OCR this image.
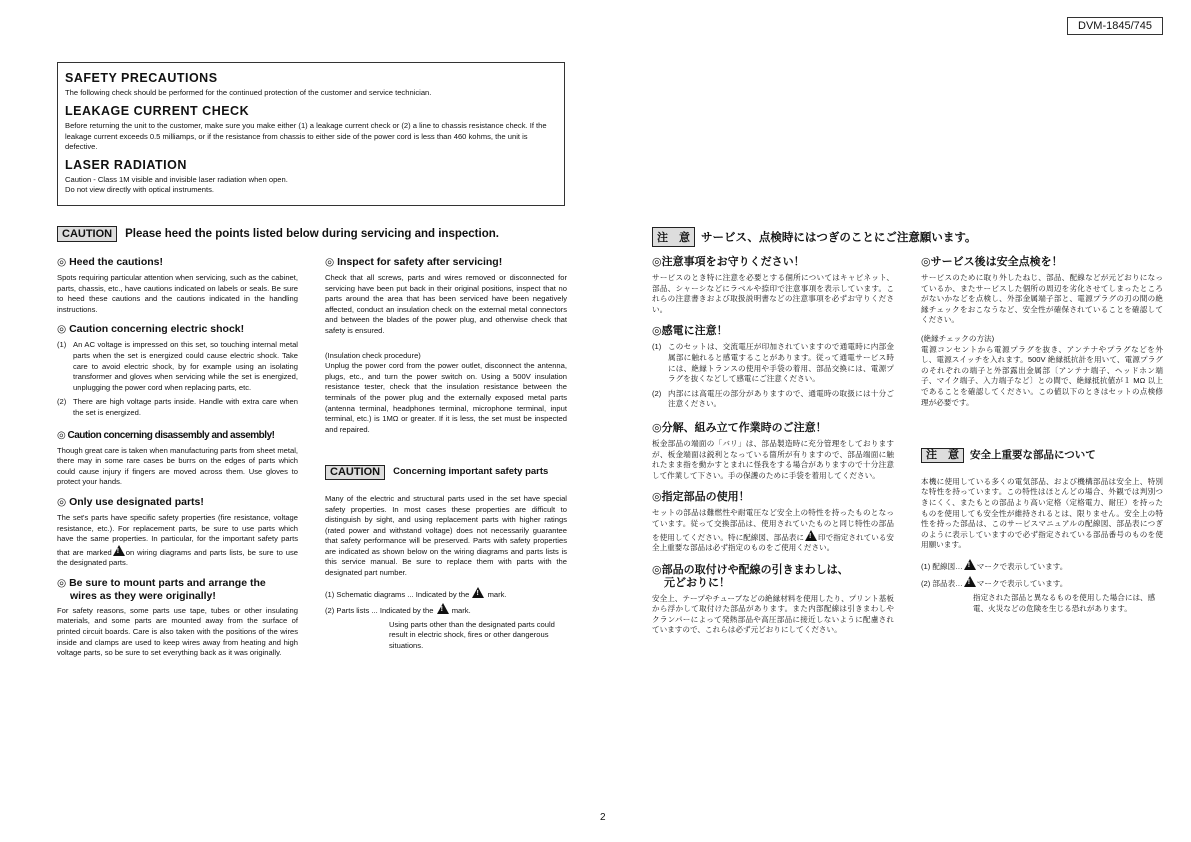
DVM-1845/745
SAFETY PRECAUTIONS
The following check should be performed for the continued protection of the customer and service technician.
LEAKAGE CURRENT CHECK
Before returning the unit to the customer, make sure you make either (1) a leakage current check or (2) a line to chassis resistance check. If the leakage current exceeds 0.5 milliamps, or if the resistance from chassis to either side of the power cord is less than 460 kohms, the unit is defective.
LASER RADIATION
Caution - Class 1M visible and invisible laser radiation when open.
Do not view directly with optical instruments.
CAUTION	Please heed the points listed below during servicing and inspection.
◎ Heed the cautions!
Spots requiring particular attention when servicing, such as the cabinet, parts, chassis, etc., have cautions indicated on labels or seals. Be sure to heed these cautions and the cautions indicated in the handling instructions.
◎ Caution concerning electric shock!
(1) An AC voltage is impressed on this set, so touching internal metal parts when the set is energized could cause electric shock. Take care to avoid electric shock, by for example using an isolating transformer and gloves when servicing while the set is energized, unplugging the power cord when replacing parts, etc.
(2) There are high voltage parts inside. Handle with extra care when the set is energized.
◎ Caution concerning disassembly and assembly!
Though great care is taken when manufacturing parts from sheet metal, there may in some rare cases be burrs on the edges of parts which could cause injury if fingers are moved across them. Use gloves to protect your hands.
◎ Only use designated parts!
The set's parts have specific safety properties (fire resistance, voltage resistance, etc.). For replacement parts, be sure to use parts which have the same properties. In particular, for the important safety parts that are marked ! on wiring diagrams and parts lists, be sure to use the designated parts.
◎ Be sure to mount parts and arrange the
wires as they were originally!
For safety reasons, some parts use tape, tubes or other insulating materials, and some parts are mounted away from the surface of printed circuit boards. Care is also taken with the positions of the wires inside and clamps are used to keep wires away from heating and high voltage parts, so be sure to set everything back as it was originally.
◎ Inspect for safety after servicing!
Check that all screws, parts and wires removed or disconnected for servicing have been put back in their original positions, inspect that no parts around the area that has been serviced have been negatively affected, conduct an insulation check on the external metal connectors and between the blades of the power plug, and otherwise check that safety is ensured.
(Insulation check procedure)
Unplug the power cord from the power outlet, disconnect the antenna, plugs, etc., and turn the power switch on. Using a 500V insulation resistance tester, check that the insulation resistance between the terminals of the power plug and the externally exposed metal parts (antenna terminal, headphones terminal, microphone terminal, input terminal, etc.) is 1MΩ or greater. If it is less, the set must be inspected and repaired.
CAUTION	Concerning important safety parts
Many of the electric and structural parts used in the set have special safety properties. In most cases these properties are difficult to distinguish by sight, and using replacement parts with higher ratings (rated power and withstand voltage) does not necessarily guarantee that safety performance will be preserved. Parts with safety properties are indicated as shown below on the wiring diagrams and parts lists is this service manual. Be sure to replace them with parts with the designated part number.
(1) Schematic diagrams ... Indicated by the ! mark.
(2) Parts lists ... Indicated by the ! mark.
Using parts other than the designated parts could result in electric shock, fires or other dangerous situations.
注　意 サービス、点検時にはつぎのことにご注意願います。
◎注意事項をお守りください！
サービスのとき特に注意を必要とする個所についてはキャビネット、部品、シャーシなどにラベルや捺印で注意事項を表示しています。これらの注意書きおよび取扱説明書などの注意事項を必ずお守りください。
◎感電に注意！
(1) このセットは、交流電圧が印加されていますので通電時に内部金属部に触れると感電することがあります。従って通電サービス時には、絶縁トランスの使用や手袋の着用、部品交換には、電源プラグを抜くなどして感電にご注意ください。
(2) 内部には高電圧の部分がありますので、通電時の取扱には十分ご注意ください。
◎分解、組み立て作業時のご注意！
板金部品の端面の「バリ」は、部品製造時に充分管理をしておりますが、板金端面は鋭利となっている箇所が有りますので、部品端面に触れたまま指を動かすとまれに怪我をする場合がありますので十分注意して作業して下さい。手の保護のために手袋を着用してください。
◎指定部品の使用！
セットの部品は難燃性や耐電圧など安全上の特性を持ったものとなっています。従って交換部品は、使用されていたものと同じ特性の部品を使用してください。特に配線図、部品表に ! 印で指定されている安全上重要な部品は必ず指定のものをご使用ください。
◎部品の取付けや配線の引きまわしは、
元どおりに！
安全上、テープやチューブなどの絶縁材料を使用したり、プリント基板から浮かして取付けた部品があります。また内部配線は引きまわしやクランパーによって発熱部品や高圧部品に接近しないように配慮されていますので、これらは必ず元どおりにしてください。
◎サービス後は安全点検を！
サービスのために取り外したねじ、部品、配線などが元どおりになっているか、またサービスした個所の周辺を劣化させてしまったところがないかなどを点検し、外部金属端子部と、電源プラグの刃の間の絶縁チェックをおこなうなど、安全性が確保されていることを確認してください。
(絶縁チェックの方法)
電源コンセントから電源プラグを抜き、アンテナやプラグなどを外し、電源スイッチを入れます。500V 絶縁抵抗計を用いて、電源プラグのそれぞれの端子と外部露出金属部〔アンテナ端子、ヘッドホン端子、マイク端子、入力端子など〕との間で、絶縁抵抗値が１ MΩ 以上であることを確認してください。この値以下のときはセットの点検修理が必要です。
注　意	安全上重要な部品について
本機に使用している多くの電気部品、および機構部品は安全上、特別な特性を持っています。この特性はほとんどの場合、外観では判別つきにくく、またもとの部品より高い定格（定格電力、耐圧）を持ったものを使用しても安全性が維持されるとは、限りません。安全上の特性を持った部品は、このサービスマニュアルの配線図、部品表につぎのように表示していますので必ず指定されている部品番号のものを使用願います。
(1) 配線図… ! マークで表示しています。
(2) 部品表… ! マークで表示しています。
指定された部品と異なるものを使用した場合には、感電、火災などの危険を生じる恐れがあります。
2
